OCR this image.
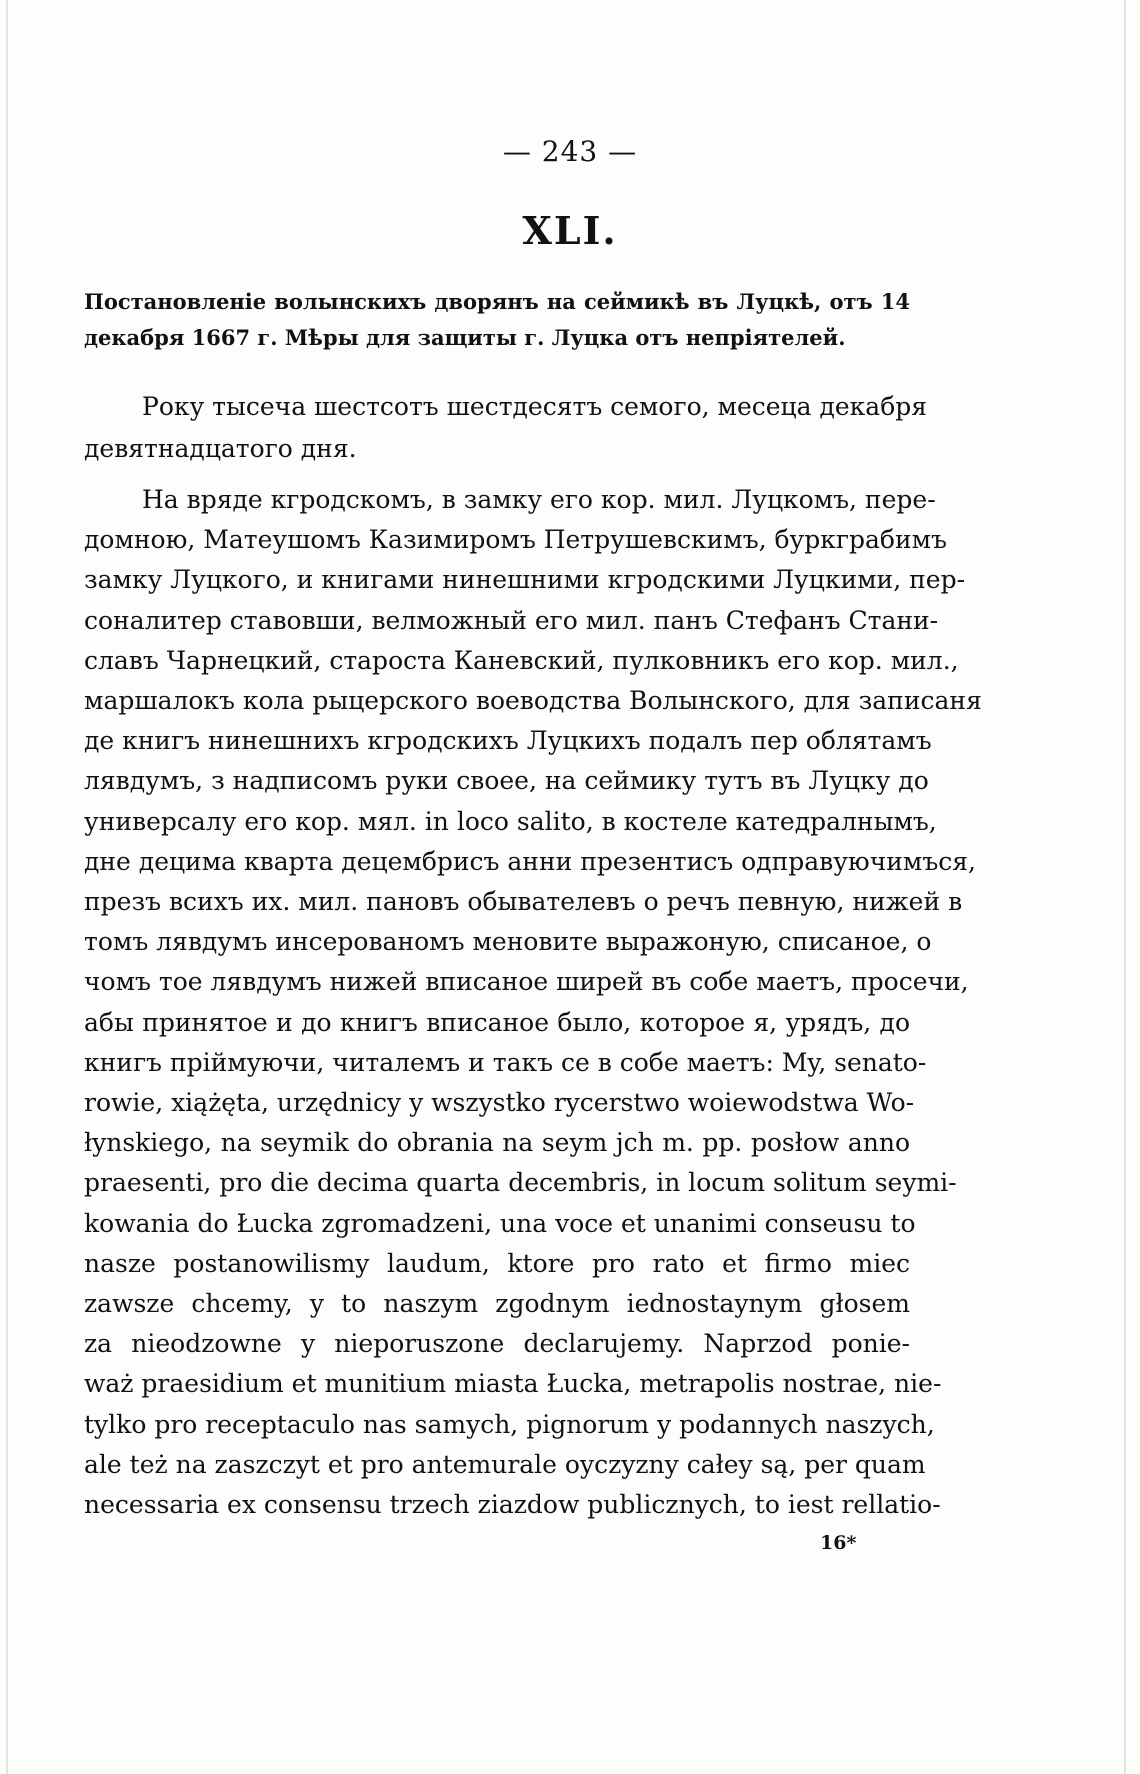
— 243 —
XLI.
Постановленіе волынскихъ дворянъ на сеймикѣ въ Луцкѣ, отъ 14
декабря 1667 г. Мѣры для защиты г. Луцка отъ непріятелей.
Року тысеча шестсотъ шестдесятъ семого, месеца декабря
девятнадцатого дня.
На вряде кгродскомъ, в замку его кор. мил. Луцкомъ, пере-
домною, Матеушомъ Казимиромъ Петрушевскимъ, буркграбимъ
замку Луцкого, и книгами нинешними кгродскими Луцкими, пер-
соналитер ставовши, велможный его мил. панъ Стефанъ Стани-
славъ Чарнецкий, староста Каневский, пулковникъ его кор. мил.,
маршалокъ кола рыцерского воеводства Волынского, для записаня
де книгъ нинешнихъ кгродскихъ Луцкихъ подалъ пер облятамъ
лявдумъ, з надписомъ руки своее, на сеймику тутъ въ Луцку до
универсалу его кор. мял. in loco salito, в костеле катедралнымъ,
дне децима кварта децембрисъ анни презентисъ одправуючимъся,
презъ всихъ их. мил. пановъ обывателевъ о речъ певную, нижей в
томъ лявдумъ инсерованомъ меновите выражоную, списаное, о
чомъ тое лявдумъ нижей вписаное ширей въ собе маетъ, просечи,
абы принятое и до книгъ вписаное было, которое я, урядъ, до
книгъ пріймуючи, читалемъ и такъ се в собе маетъ: My, senato-
rowie, xiążęta, urzędnicy y wszystko rycerstwo woiewodstwa Wo-
łynskiego, na seymik do obrania na seym jch m. pp. posłow anno
praesenti, pro die decima quarta decembris, in locum solitum seymi-
kowania do Łucka zgromadzeni, una voce et unanimi conseusu to
nasze postanowilismy laudum, ktore pro rato et firmo miec
zawsze chcemy, y to naszym zgodnym iednostaynym głosem
za nieodzowne y nieporuszone declarujemy. Naprzod ponie-
waż praesidium et munitium miasta Łucka, metrapolis nostrae, nie-
tylko pro receptaculo nas samych, pignorum y podannych naszych,
ale też na zaszczyt et pro antemurale oyczyzny całey są, per quam
necessaria ex consensu trzech ziazdow publicznych, to iest rellatio-
16*
